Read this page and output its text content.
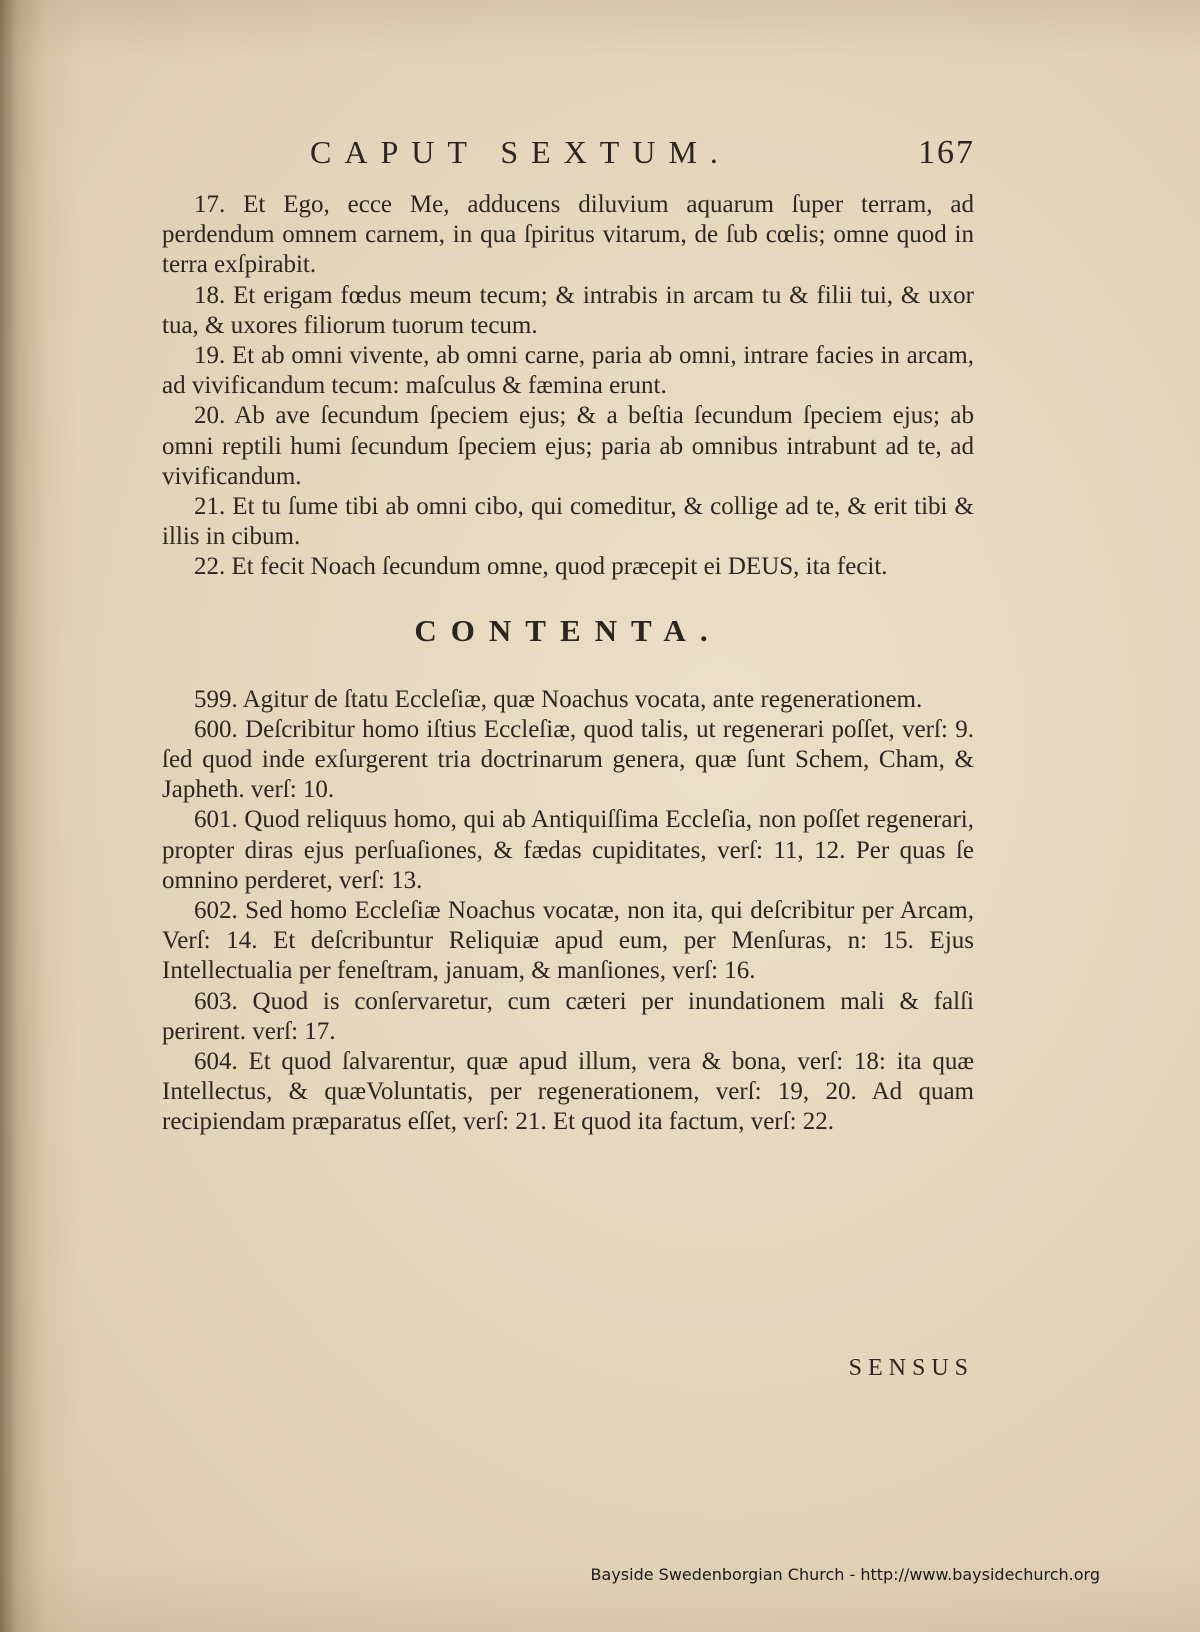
CAPUT SEXTUM.	167

17. Et Ego, ecce Me, adducens diluvium aquarum ſuper terram, ad perdendum omnem carnem, in qua ſpiritus vitarum, de ſub cœlis; omne quod in terra exſpirabit.

18. Et erigam fœdus meum tecum; & intrabis in arcam tu & filii tui, & uxor tua, & uxores filiorum tuorum tecum.

19. Et ab omni vivente, ab omni carne, paria ab omni, intrare facies in arcam, ad vivificandum tecum: maſculus & fæmina erunt.

20. Ab ave ſecundum ſpeciem ejus; & a beſtia ſecundum ſpeciem ejus; ab omni reptili humi ſecundum ſpeciem ejus; paria ab omnibus intrabunt ad te, ad vivificandum.

21. Et tu ſume tibi ab omni cibo, qui comeditur, & collige ad te, & erit tibi & illis in cibum.

22. Et fecit Noach ſecundum omne, quod præcepit ei DEUS, ita fecit.

CONTENTA.

599. Agitur de ſtatu Eccleſiæ, quæ Noachus vocata, ante regenerationem.

600. Deſcribitur homo iſtius Eccleſiæ, quod talis, ut regenerari poſſet, verſ: 9. ſed quod inde exſurgerent tria doctrinarum genera, quæ ſunt Schem, Cham, & Japheth. verſ: 10.

601. Quod reliquus homo, qui ab Antiquiſſima Eccleſia, non poſſet regenerari, propter diras ejus perſuaſiones, & fædas cupiditates, verſ: 11, 12. Per quas ſe omnino perderet, verſ: 13.

602. Sed homo Eccleſiæ Noachus vocatæ, non ita, qui deſcribitur per Arcam, Verſ: 14. Et deſcribuntur Reliquiæ apud eum, per Menſuras, n: 15. Ejus Intellectualia per feneſtram, januam, & manſiones, verſ: 16.

603. Quod is conſervaretur, cum cæteri per inundationem mali & falſi perirent. verſ: 17.

604. Et quod ſalvarentur, quæ apud illum, vera & bona, verſ: 18: ita quæ Intellectus, & quæVoluntatis, per regenerationem, verſ: 19, 20. Ad quam recipiendam præparatus eſſet, verſ: 21. Et quod ita factum, verſ: 22.

SENSUS
Bayside Swedenborgian Church - http://www.baysidechurch.org
